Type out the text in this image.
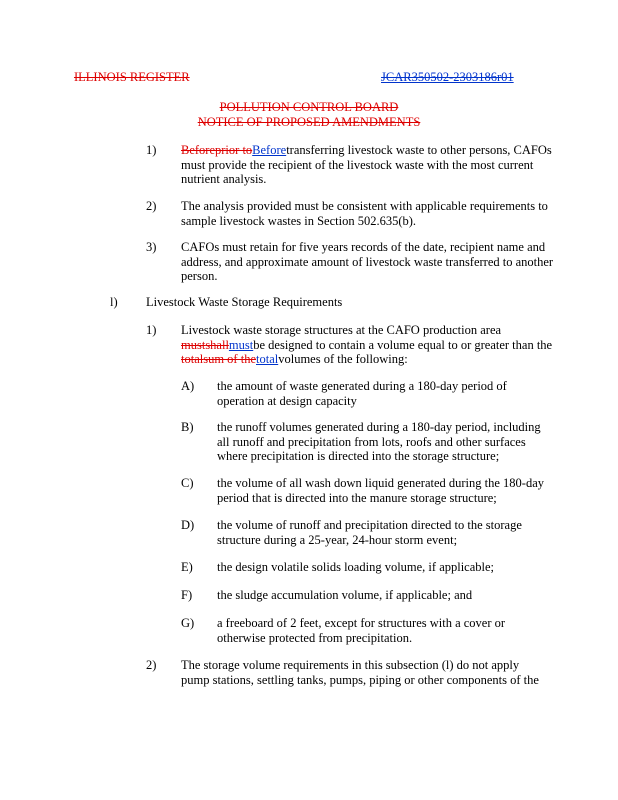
ILLINOIS REGISTER	JCAR350502-2303186r01
POLLUTION CONTROL BOARD
NOTICE OF PROPOSED AMENDMENTS
1) Beforeprior toBeforetransferring livestock waste to other persons, CAFOs
must provide the recipient of the livestock waste with the most current
nutrient analysis.
2) The analysis provided must be consistent with applicable requirements to
sample livestock wastes in Section 502.635(b).
3) CAFOs must retain for five years records of the date, recipient name and
address, and approximate amount of livestock waste transferred to another
person.
l) Livestock Waste Storage Requirements
1) Livestock waste storage structures at the CAFO production area
mustshallmustbe designed to contain a volume equal to or greater than the
totalsum of thetotalvolumes of the following:
A) the amount of waste generated during a 180-day period of
operation at design capacity
B) the runoff volumes generated during a 180-day period, including
all runoff and precipitation from lots, roofs and other surfaces
where precipitation is directed into the storage structure;
C) the volume of all wash down liquid generated during the 180-day
period that is directed into the manure storage structure;
D) the volume of runoff and precipitation directed to the storage
structure during a 25-year, 24-hour storm event;
E) the design volatile solids loading volume, if applicable;
F) the sludge accumulation volume, if applicable; and
G) a freeboard of 2 feet, except for structures with a cover or
otherwise protected from precipitation.
2) The storage volume requirements in this subsection (l) do not apply
pump stations, settling tanks, pumps, piping or other components of the
